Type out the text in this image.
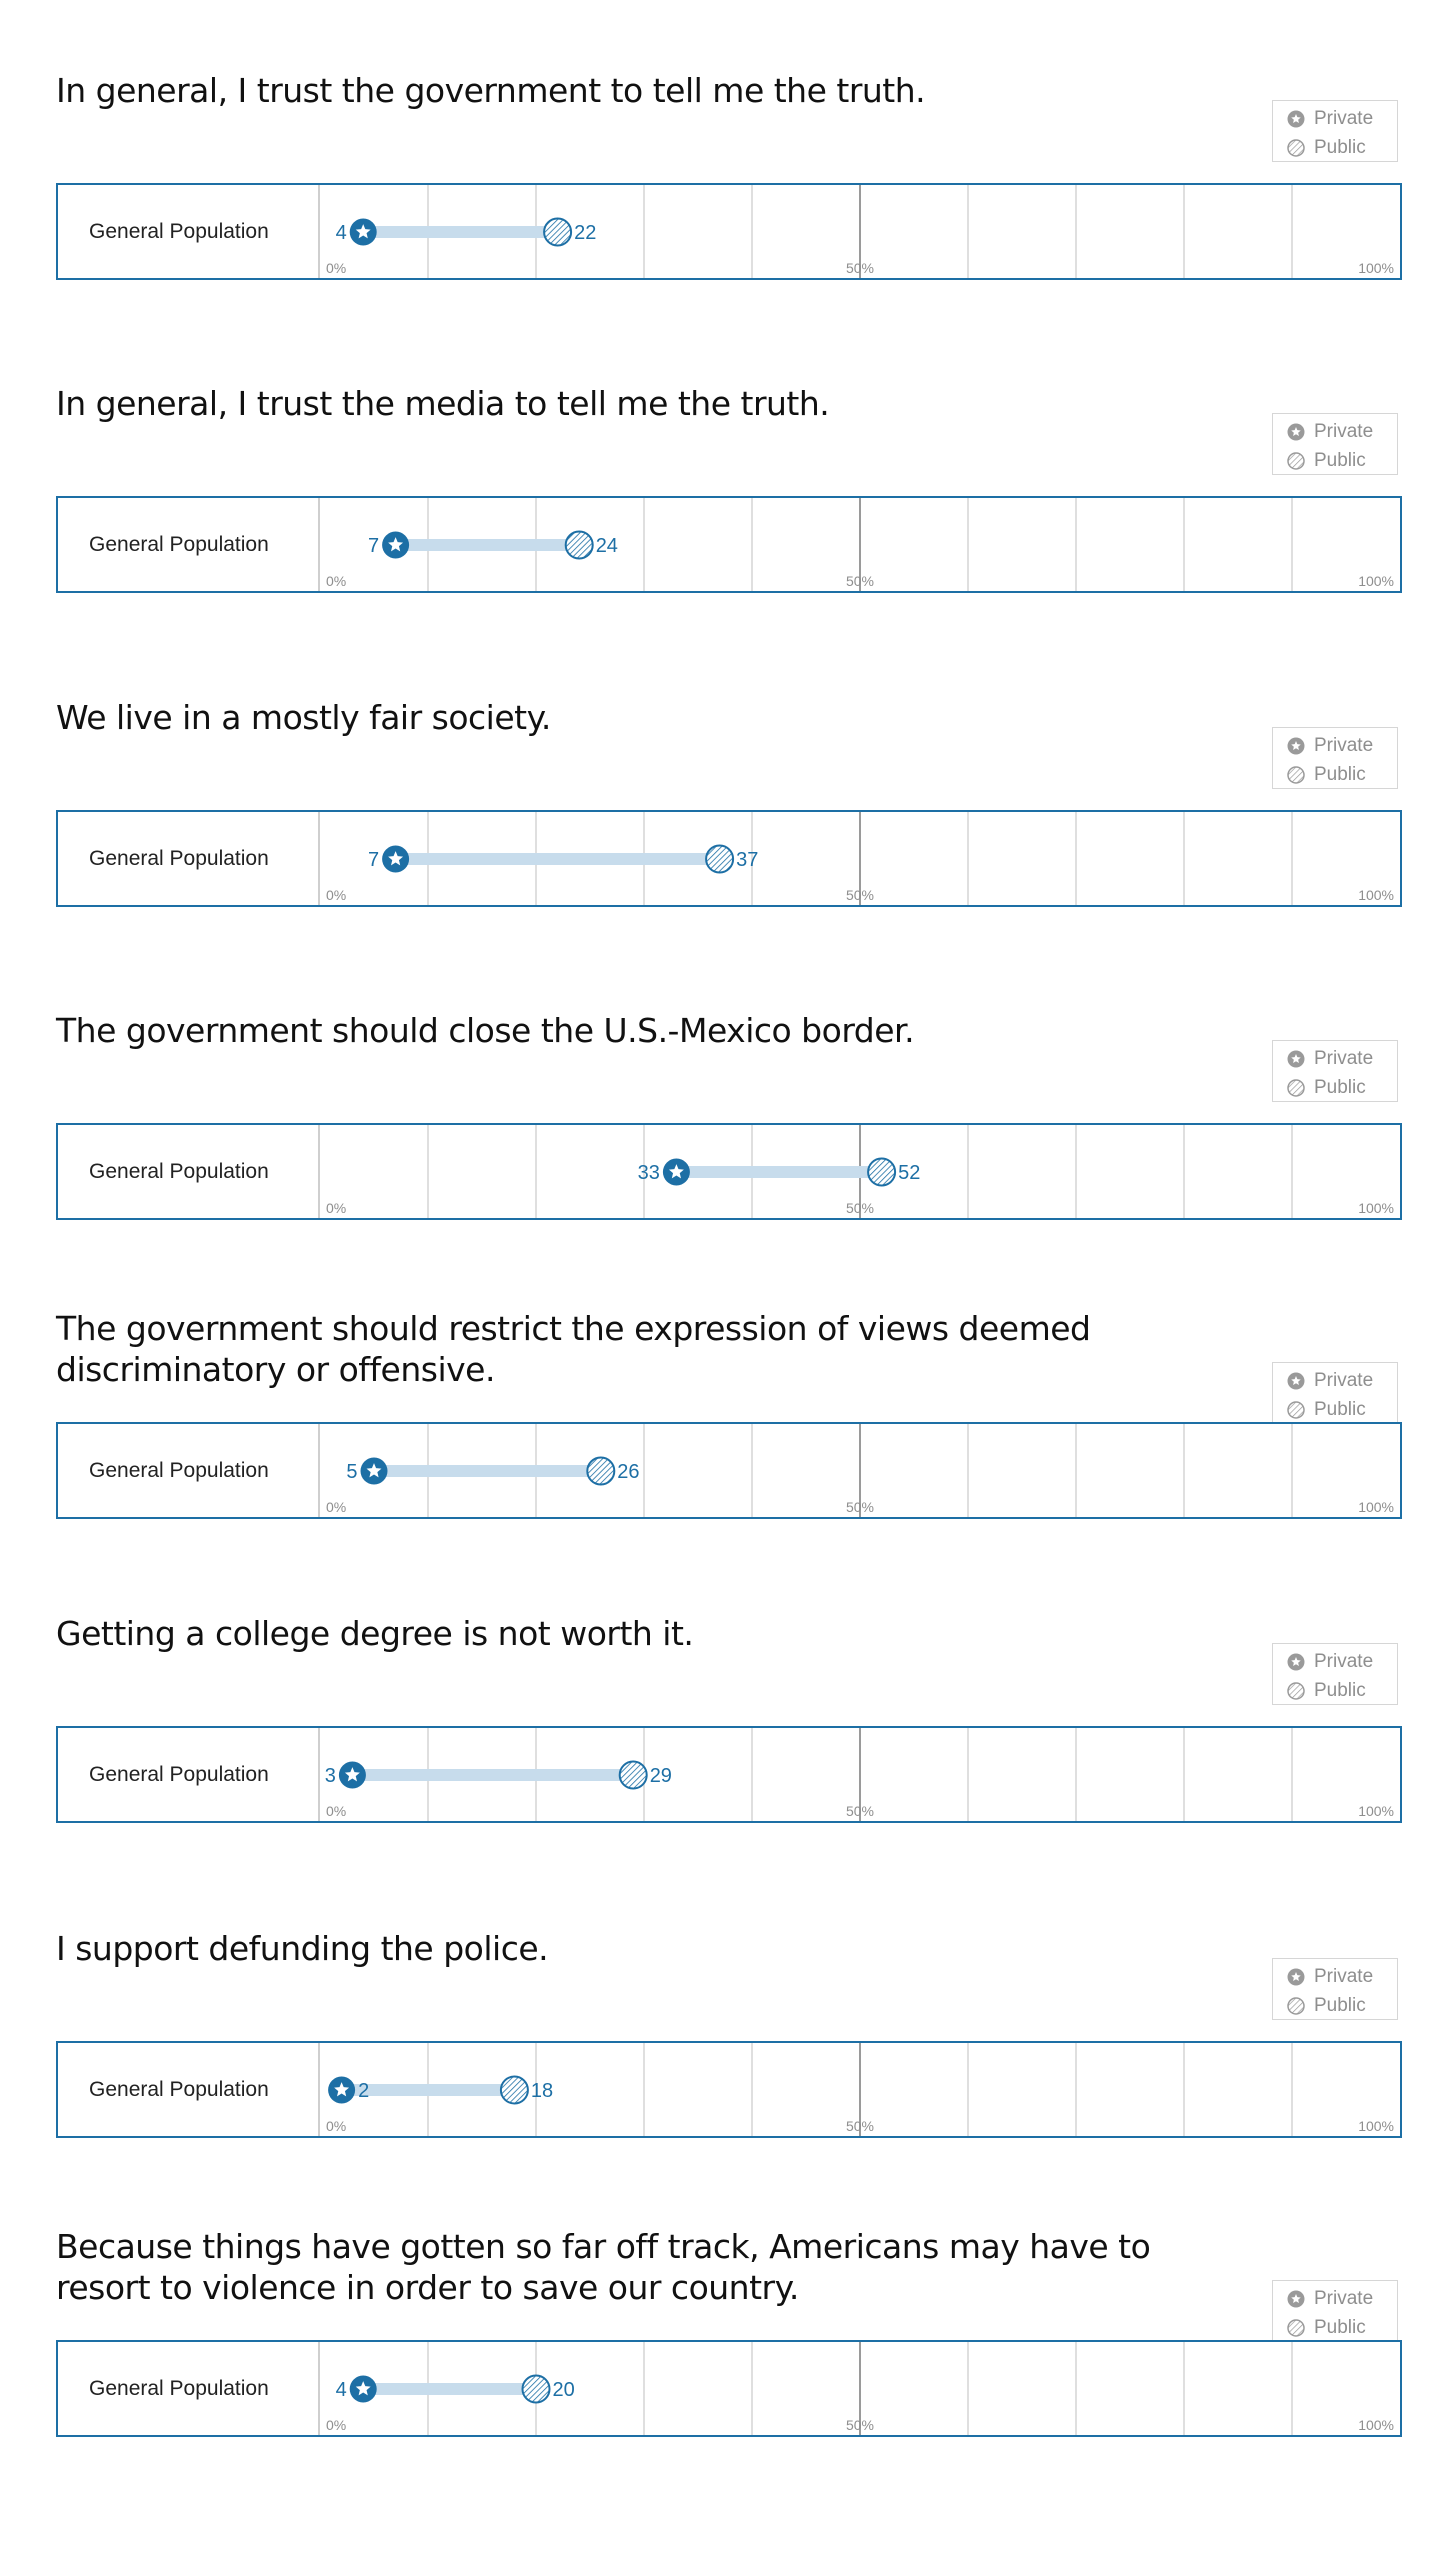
In general, I trust the government to tell me the truth.
Private
Public
General Population
0%	50%	100%
4	22
In general, I trust the media to tell me the truth.
Private
Public
General Population
0%	50%	100%
7	24
We live in a mostly fair society.
Private
Public
General Population
0%	50%	100%
7	37
The government should close the U.S.-Mexico border.
Private
Public
General Population
0%	50%	100%
33	52
The government should restrict the expression of views deemed discriminatory or offensive.	Private
Public
General Population
0%	50%	100%
5	26
Getting a college degree is not worth it.
Private
Public
General Population
0%	50%	100%
3	29
I support defunding the police.
Private
Public
General Population
0%	50%	100%
2	18
Because things have gotten so far off track, Americans may have to resort to violence in order to save our country.	Private
Public
General Population
0%	50%	100%
4	20
